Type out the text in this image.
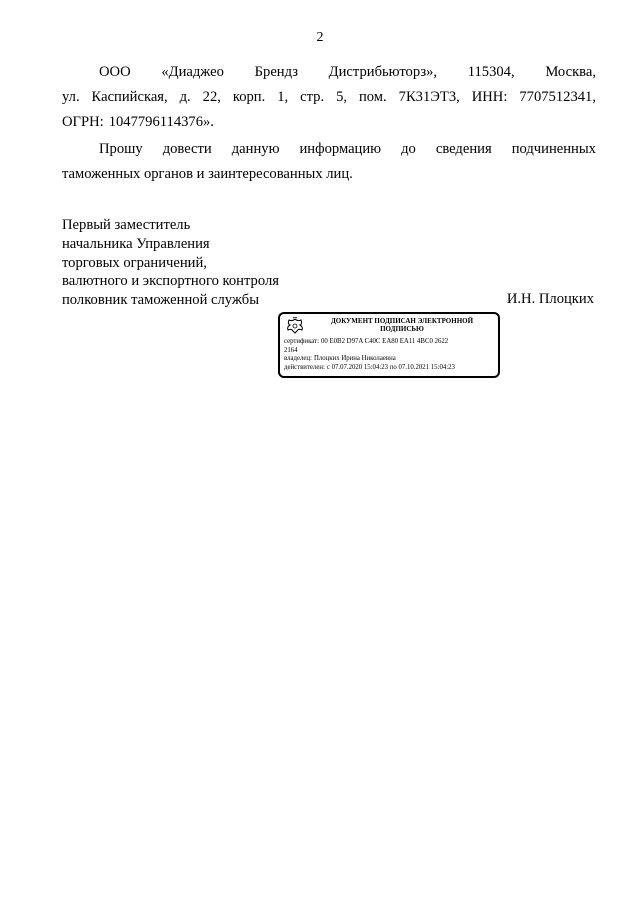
2
ООО «Диаджео Брендз Дистрибьюторз», 115304, Москва,
ул. Каспийская, д. 22, корп. 1, стр. 5, пом. 7К31ЭТ3, ИНН: 7707512341,
ОГРН: 1047796114376».
Прошу довести данную информацию до сведения подчиненных
таможенных органов и заинтересованных лиц.
Первый заместитель
начальника Управления
торговых ограничений,
валютного и экспортного контроля
полковник таможенной службы	И.Н. Плоцких
ДОКУМЕНТ ПОДПИСАН ЭЛЕКТРОННОЙ ПОДПИСЬЮ
сертификат: 00 E0B2 D97A C40C EA80 EA11 4BC0 2622
2164
владелец: Плоцких Ирина Николаевна
действителен: с 07.07.2020 15:04:23 по 07.10.2021 15:04:23
